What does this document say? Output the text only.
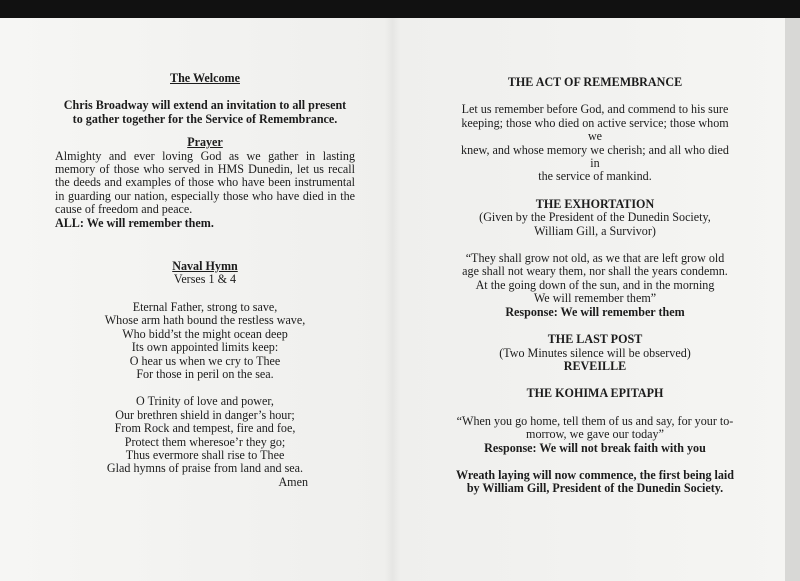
The Welcome

Chris Broadway will extend an invitation to all present
to gather together for the Service of Remembrance.

Prayer

Almighty and ever loving God as we gather in lasting memory of those who served in HMS Dunedin, let us recall the deeds and examples of those who have been instrumental in guarding our nation, especially those who have died in the cause of freedom and peace.

ALL: We will remember them.

Naval Hymn

Verses 1 & 4

Eternal Father, strong to save,
Whose arm hath bound the restless wave,
Who bidd’st the might ocean deep
Its own appointed limits keep:
O hear us when we cry to Thee
For those in peril on the sea.

O Trinity of love and power,
Our brethren shield in danger’s hour;
From Rock and tempest, fire and foe,
Protect them wheresoe’r they go;
Thus evermore shall rise to Thee
Glad hymns of praise from land and sea.

Amen

THE ACT OF REMEMBRANCE

Let us remember before God, and commend to his sure
keeping; those who died on active service; those whom we
knew, and whose memory we cherish; and all who died in
the service of mankind.

THE EXHORTATION

(Given by the President of the Dunedin Society,
William Gill, a Survivor)

“They shall grow not old, as we that are left grow old
age shall not weary them, nor shall the years condemn.
At the going down of the sun, and in the morning
We will remember them”

Response: We will remember them

THE LAST POST

(Two Minutes silence will be observed)

REVEILLE

THE KOHIMA EPITAPH

“When you go home, tell them of us and say, for your to-
morrow, we gave our today”

Response: We will not break faith with you

Wreath laying will now commence, the first being laid
by William Gill, President of the Dunedin Society.
